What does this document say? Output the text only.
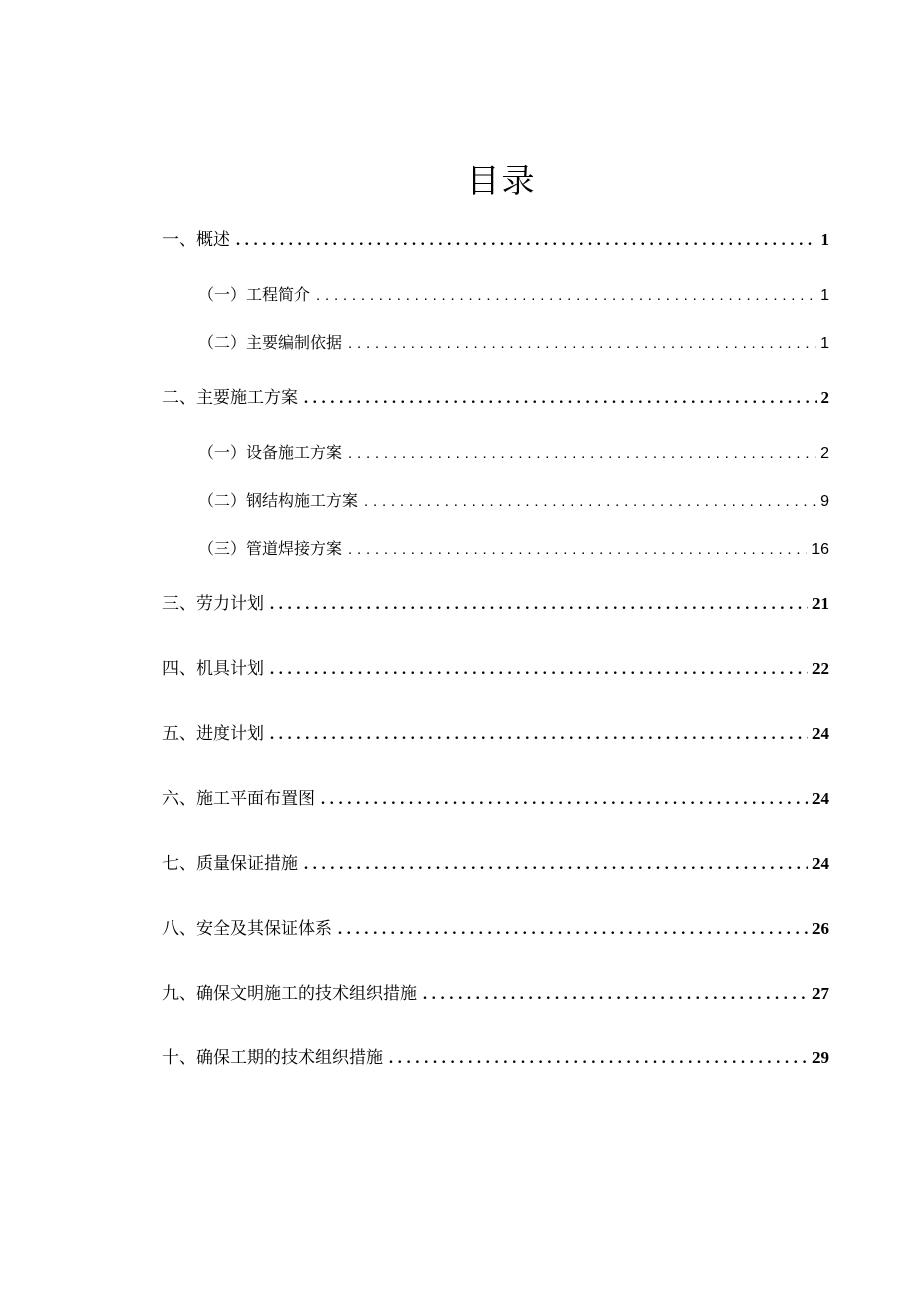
目录
一、概述 .....	1
（一）工程简介 .....	1
（二）主要编制依据 .....	1
二、主要施工方案 .....	2
（一）设备施工方案 .....	2
（二）钢结构施工方案 .....	9
（三）管道焊接方案 .....	16
三、劳力计划 .....	21
四、机具计划 .....	22
五、进度计划 .....	24
六、施工平面布置图 .....	24
七、质量保证措施 .....	24
八、安全及其保证体系 .....	26
九、确保文明施工的技术组织措施 .....	27
十、确保工期的技术组织措施 .....	29
